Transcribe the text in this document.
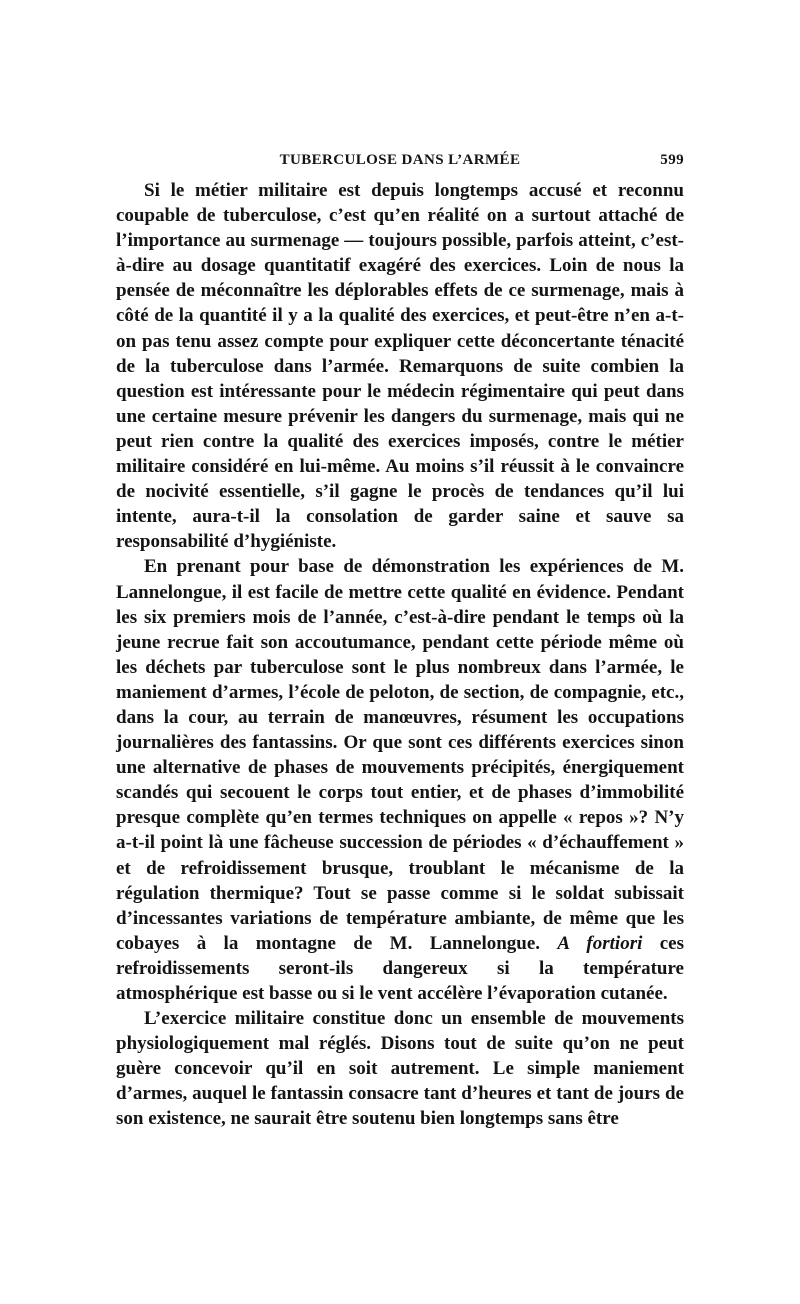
TUBERCULOSE DANS L’ARMÉE	599

Si le métier militaire est depuis longtemps accusé et reconnu coupable de tuberculose, c’est qu’en réalité on a surtout attaché de l’importance au surmenage — toujours possible, parfois atteint, c’est-à-dire au dosage quantitatif exagéré des exercices. Loin de nous la pensée de méconnaître les déplorables effets de ce surmenage, mais à côté de la quantité il y a la qualité des exercices, et peut-être n’en a-t-on pas tenu assez compte pour expliquer cette déconcertante ténacité de la tuberculose dans l’armée. Remarquons de suite combien la question est intéressante pour le médecin régimentaire qui peut dans une certaine mesure prévenir les dangers du surmenage, mais qui ne peut rien contre la qualité des exercices imposés, contre le métier militaire considéré en lui-même. Au moins s’il réussit à le convaincre de nocivité essentielle, s’il gagne le procès de tendances qu’il lui intente, aura-t-il la consolation de garder saine et sauve sa responsabilité d’hygiéniste.

En prenant pour base de démonstration les expériences de M. Lannelongue, il est facile de mettre cette qualité en évidence. Pendant les six premiers mois de l’année, c’est-à-dire pendant le temps où la jeune recrue fait son accoutumance, pendant cette période même où les déchets par tuberculose sont le plus nombreux dans l’armée, le maniement d’armes, l’école de peloton, de section, de compagnie, etc., dans la cour, au terrain de manœuvres, résument les occupations journalières des fantassins. Or que sont ces différents exercices sinon une alternative de phases de mouvements précipités, énergiquement scandés qui secouent le corps tout entier, et de phases d’immobilité presque complète qu’en termes techniques on appelle « repos »? N’y a-t-il point là une fâcheuse succession de périodes « d’échauffement » et de refroidissement brusque, troublant le mécanisme de la régulation thermique? Tout se passe comme si le soldat subissait d’incessantes variations de température ambiante, de même que les cobayes à la montagne de M. Lannelongue. A fortiori ces refroidissements seront-ils dangereux si la température atmosphérique est basse ou si le vent accélère l’évaporation cutanée.

L’exercice militaire constitue donc un ensemble de mouvements physiologiquement mal réglés. Disons tout de suite qu’on ne peut guère concevoir qu’il en soit autrement. Le simple maniement d’armes, auquel le fantassin consacre tant d’heures et tant de jours de son existence, ne saurait être soutenu bien longtemps sans être
